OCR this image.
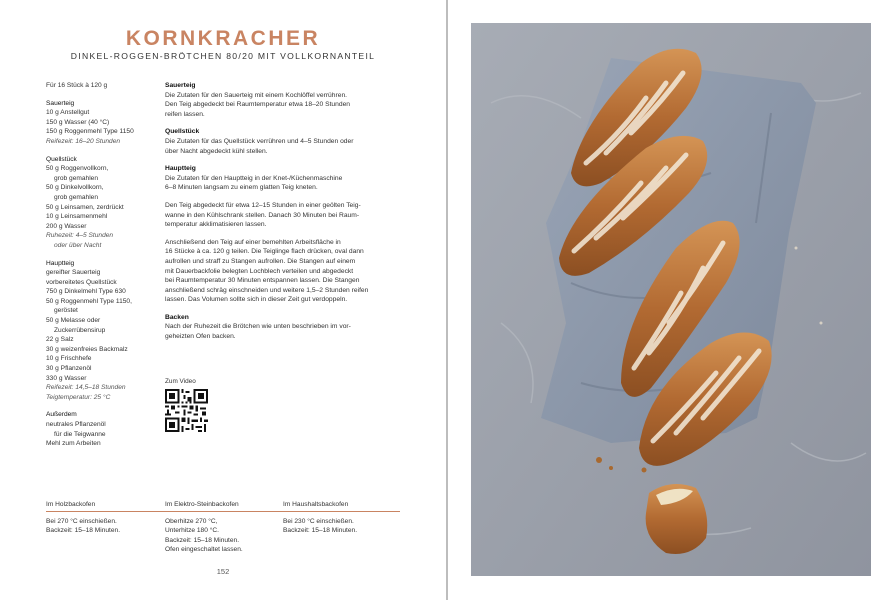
KORNKRACHER
DINKEL-ROGGEN-BRÖTCHEN 80/20 MIT VOLLKORNANTEIL
Für 16 Stück à 120 g
Sauerteig
10 g Anstellgut
150 g Wasser (40 °C)
150 g Roggenmehl Type 1150
Reifezeit: 16–20 Stunden
Quellstück
50 g Roggenvollkorn,
grob gemahlen
50 g Dinkelvollkorn,
grob gemahlen
50 g Leinsamen, zerdrückt
10 g Leinsamenmehl
200 g Wasser
Ruhezeit: 4–5 Stunden
oder über Nacht
Hauptteig
gereifter Sauerteig
vorbereitetes Quellstück
750 g Dinkelmehl Type 630
50 g Roggenmehl Type 1150,
geröstet
50 g Melasse oder
Zuckerrübensirup
22 g Salz
30 g weizenfreies Backmalz
10 g Frischhefe
30 g Pflanzenöl
330 g Wasser
Reifezeit: 14,5–18 Stunden
Teigtemperatur: 25 °C
Außerdem
neutrales Pflanzenöl
für die Teigwanne
Mehl zum Arbeiten
Sauerteig
Die Zutaten für den Sauerteig mit einem Kochlöffel verrühren.
Den Teig abgedeckt bei Raumtemperatur etwa 18–20 Stunden
reifen lassen.
Quellstück
Die Zutaten für das Quellstück verrühren und 4–5 Stunden oder
über Nacht abgedeckt kühl stellen.
Hauptteig
Die Zutaten für den Hauptteig in der Knet-/Küchenmaschine
6–8 Minuten langsam zu einem glatten Teig kneten.
Den Teig abgedeckt für etwa 12–15 Stunden in einer geölten Teig-
wanne in den Kühlschrank stellen. Danach 30 Minuten bei Raum-
temperatur akklimatisieren lassen.
Anschließend den Teig auf einer bemehlten Arbeitsfläche in
16 Stücke à ca. 120 g teilen. Die Teiglinge flach drücken, oval dann
aufrollen und straff zu Stangen aufrollen. Die Stangen auf einem
mit Dauerbackfolie belegten Lochblech verteilen und abgedeckt
bei Raumtemperatur 30 Minuten entspannen lassen. Die Stangen
anschließend schräg einschneiden und weitere 1,5–2 Stunden reifen
lassen. Das Volumen sollte sich in dieser Zeit gut verdoppeln.
Backen
Nach der Ruhezeit die Brötchen wie unten beschrieben im vor-
geheizten Ofen backen.
Zum Video
Im Holzbackofen
Bei 270 °C einschießen.
Backzeit: 15–18 Minuten.
Im Elektro-Steinbackofen
Oberhitze 270 °C,
Unterhitze 180 °C.
Backzeit: 15–18 Minuten.
Ofen eingeschaltet lassen.
Im Haushaltsbackofen
Bei 230 °C einschießen.
Backzeit: 15–18 Minuten.
152
